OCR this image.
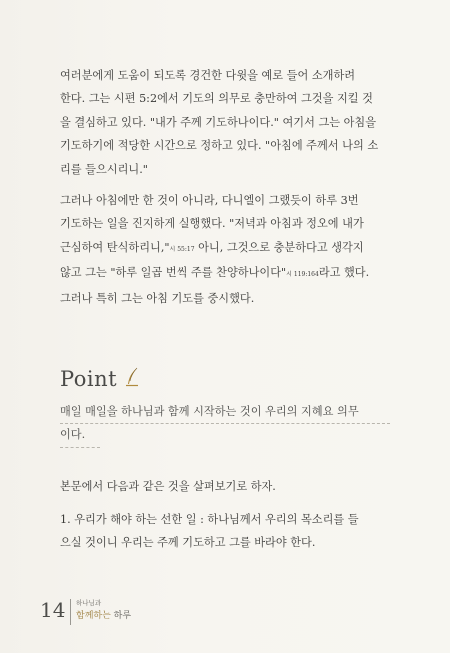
여러분에게 도움이 되도록 경건한 다윗을 예로 들어 소개하려
한다. 그는 시편 5:2에서 기도의 의무로 충만하여 그것을 지킬 것
을 결심하고 있다. "내가 주께 기도하나이다." 여기서 그는 아침을
기도하기에 적당한 시간으로 정하고 있다. "아침에 주께서 나의 소
리를 들으시리니."

그러나 아침에만 한 것이 아니라, 다니엘이 그랬듯이 하루 3번
기도하는 일을 진지하게 실행했다. "저녁과 아침과 정오에 내가
근심하여 탄식하리니,"시 55:17 아니, 그것으로 충분하다고 생각지
않고 그는 "하루 일곱 번씩 주를 찬양하나이다"시 119:164라고 했다.
그러나 특히 그는 아침 기도를 중시했다.

Point
매일 매일을 하나님과 함께 시작하는 것이 우리의 지혜요 의무
이다.

본문에서 다음과 같은 것을 살펴보기로 하자.

1. 우리가 해야 하는 선한 일 : 하나님께서 우리의 목소리를 들
으실 것이니 우리는 주께 기도하고 그를 바라야 한다.

14 하나님과
함께하는 하루
